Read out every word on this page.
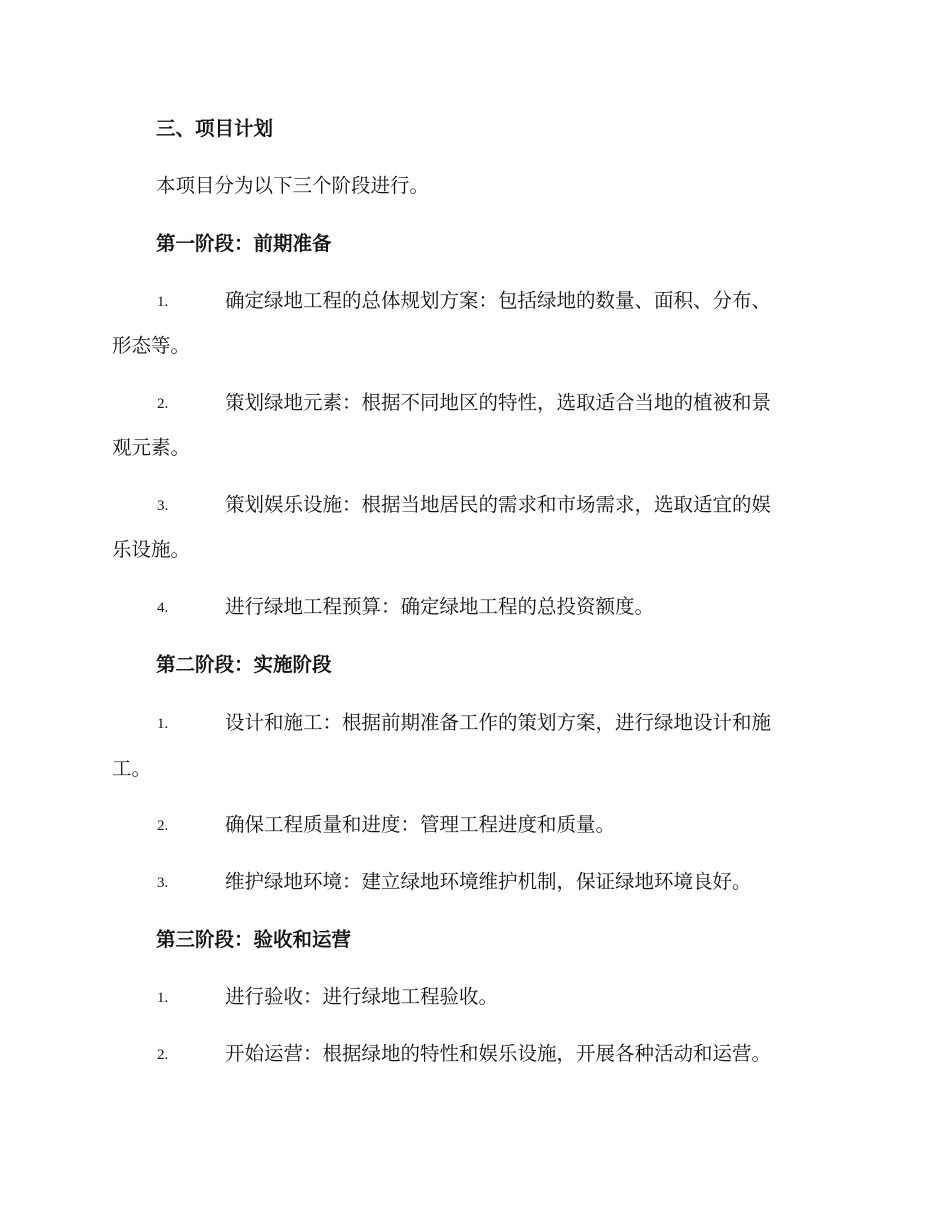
三、项目计划
本项目分为以下三个阶段进行。
第一阶段：前期准备
1.	确定绿地工程的总体规划方案：包括绿地的数量、面积、分布、
形态等。
2.	策划绿地元素：根据不同地区的特性，选取适合当地的植被和景
观元素。
3.	策划娱乐设施：根据当地居民的需求和市场需求，选取适宜的娱
乐设施。
4.	进行绿地工程预算：确定绿地工程的总投资额度。
第二阶段：实施阶段
1.	设计和施工：根据前期准备工作的策划方案，进行绿地设计和施
工。
2.	确保工程质量和进度：管理工程进度和质量。
3.	维护绿地环境：建立绿地环境维护机制，保证绿地环境良好。
第三阶段：验收和运营
1.	进行验收：进行绿地工程验收。
2.	开始运营：根据绿地的特性和娱乐设施，开展各种活动和运营。
